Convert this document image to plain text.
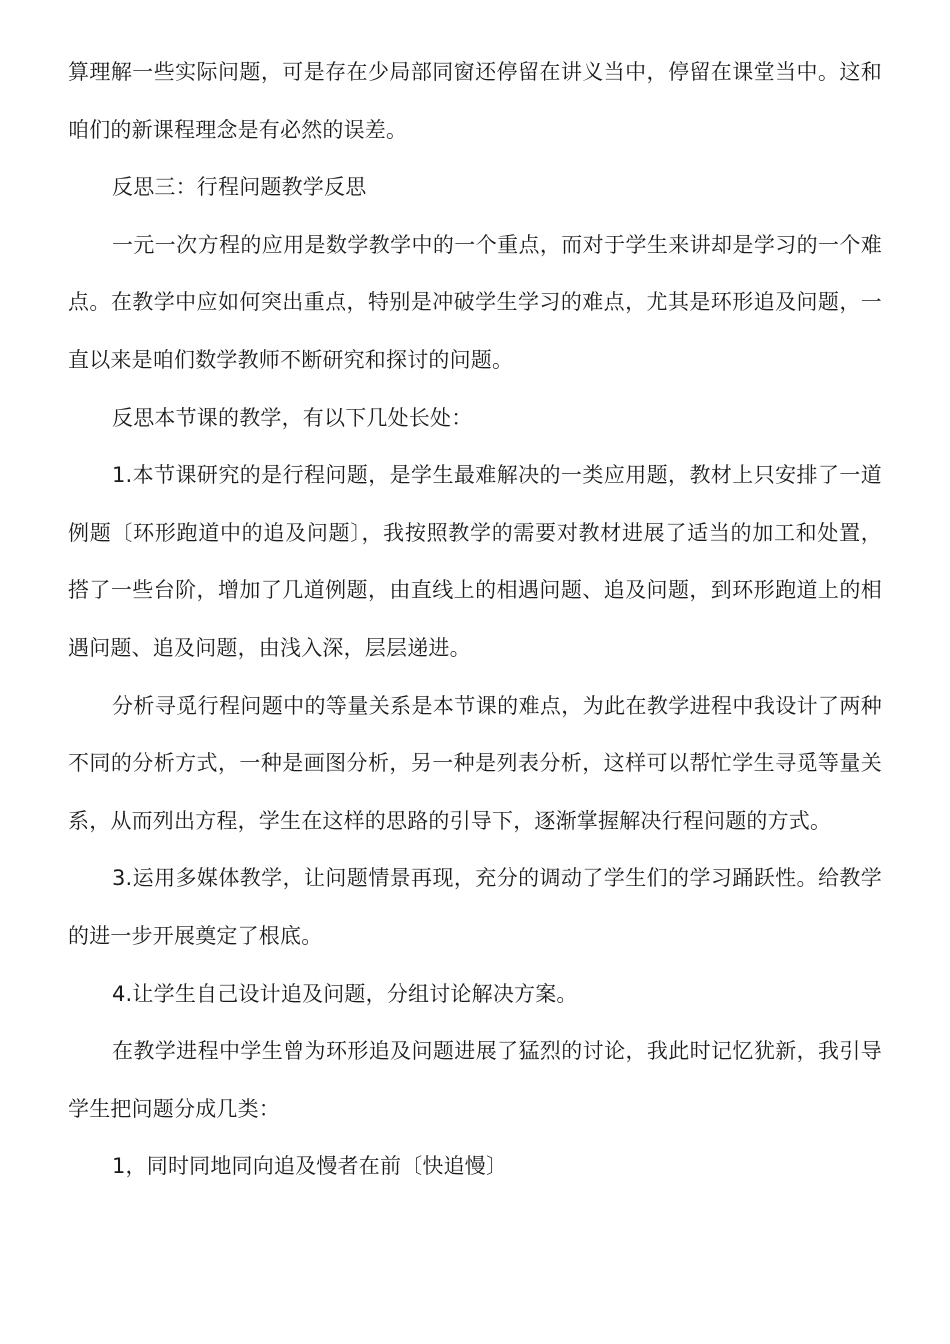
算理解一些实际问题，可是存在少局部同窗还停留在讲义当中，停留在课堂当中。这和咱们的新课程理念是有必然的误差。

反思三：行程问题教学反思

一元一次方程的应用是数学教学中的一个重点，而对于学生来讲却是学习的一个难点。在教学中应如何突出重点，特别是冲破学生学习的难点，尤其是环形追及问题，一直以来是咱们数学教师不断研究和探讨的问题。

反思本节课的教学，有以下几处长处：

1.本节课研究的是行程问题，是学生最难解决的一类应用题，教材上只安排了一道例题〔环形跑道中的追及问题〕，我按照教学的需要对教材进展了适当的加工和处置，搭了一些台阶，增加了几道例题，由直线上的相遇问题、追及问题，到环形跑道上的相遇问题、追及问题，由浅入深，层层递进。

分析寻觅行程问题中的等量关系是本节课的难点，为此在教学进程中我设计了两种不同的分析方式，一种是画图分析，另一种是列表分析，这样可以帮忙学生寻觅等量关系，从而列出方程，学生在这样的思路的引导下，逐渐掌握解决行程问题的方式。

3.运用多媒体教学，让问题情景再现，充分的调动了学生们的学习踊跃性。给教学的进一步开展奠定了根底。

4.让学生自己设计追及问题，分组讨论解决方案。

在教学进程中学生曾为环形追及问题进展了猛烈的讨论，我此时记忆犹新，我引导学生把问题分成几类：

1，同时同地同向追及慢者在前〔快追慢〕
